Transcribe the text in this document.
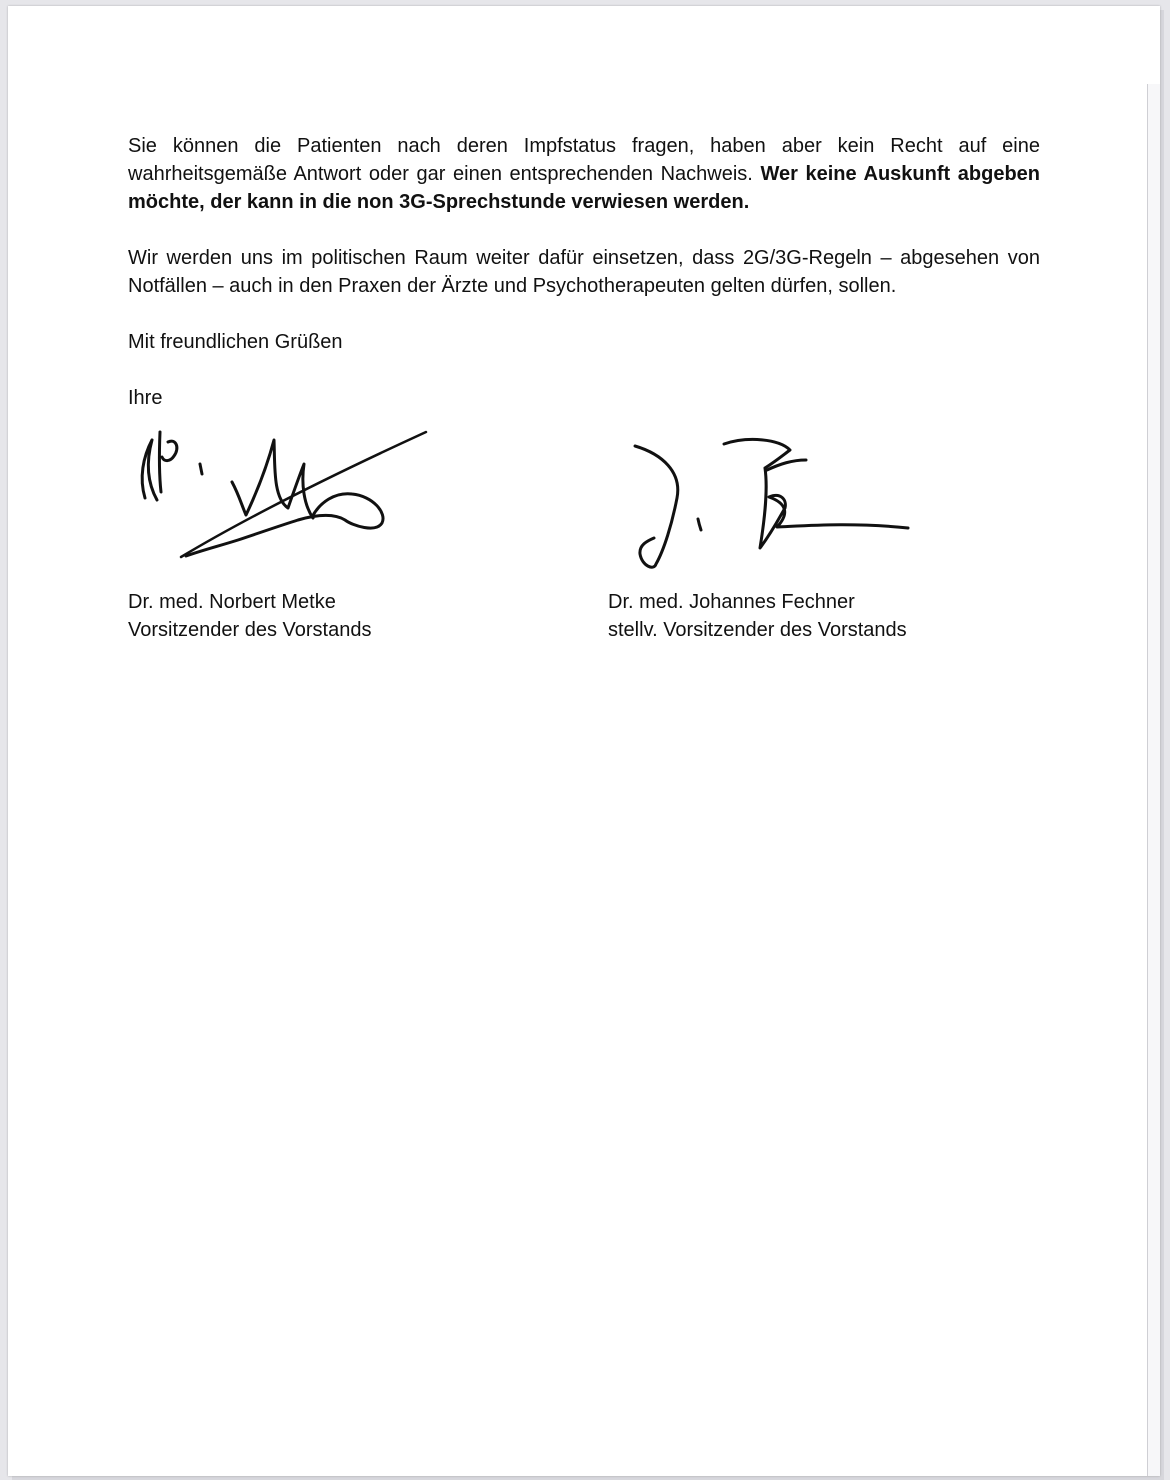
Sie können die Patienten nach deren Impfstatus fragen, haben aber kein Recht auf eine wahrheitsgemäße Antwort oder gar einen entsprechenden Nachweis. Wer keine Auskunft abgeben möchte, der kann in die non 3G-Sprechstunde verwiesen werden.

Wir werden uns im politischen Raum weiter dafür einsetzen, dass 2G/3G-Regeln – abgesehen von Notfällen – auch in den Praxen der Ärzte und Psychotherapeuten gelten dürfen, sollen.

Mit freundlichen Grüßen

Ihre

Dr. med. Norbert Metke
Vorsitzender des Vorstands
Dr. med. Johannes Fechner
stellv. Vorsitzender des Vorstands
